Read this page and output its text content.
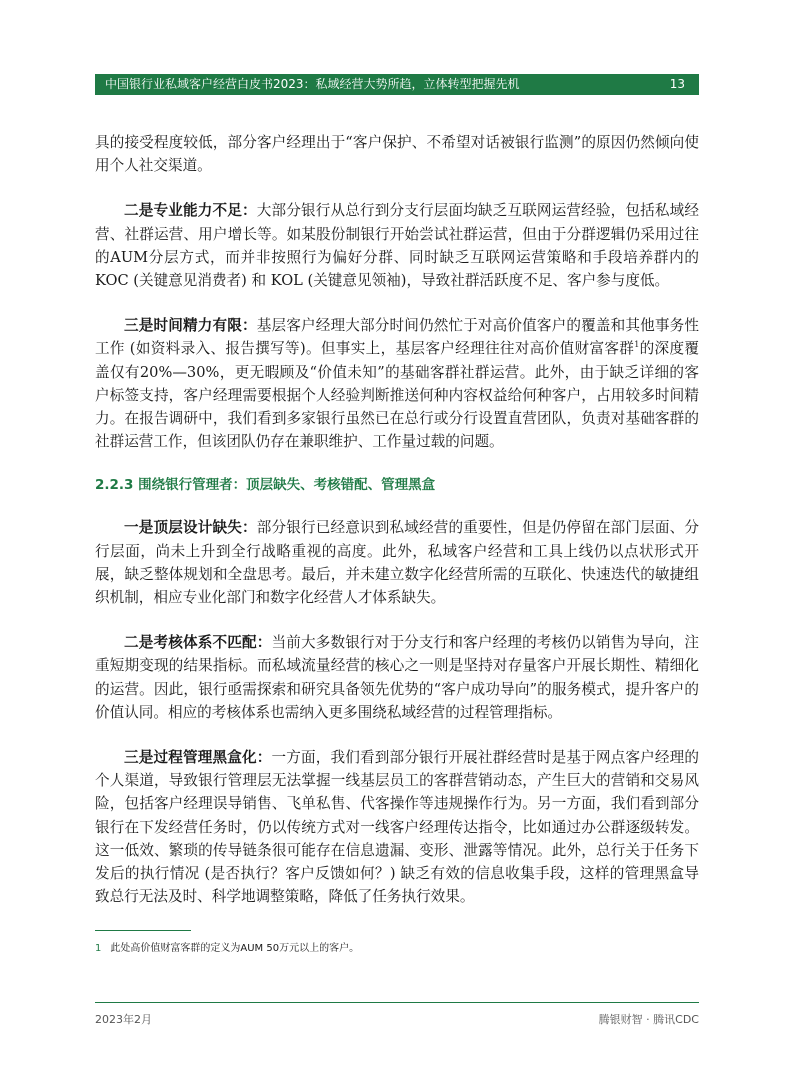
中国银行业私域客户经营白皮书2023：私域经营大势所趋，立体转型把握先机	13

具的接受程度较低，部分客户经理出于“客户保护、不希望对话被银行监测”的原因仍然倾向使用个人社交渠道。

二是专业能力不足：大部分银行从总行到分支行层面均缺乏互联网运营经验，包括私域经营、社群运营、用户增长等。如某股份制银行开始尝试社群运营，但由于分群逻辑仍采用过往的AUM分层方式，而并非按照行为偏好分群、同时缺乏互联网运营策略和手段培养群内的 KOC (关键意见消费者) 和 KOL (关键意见领袖)，导致社群活跃度不足、客户参与度低。

三是时间精力有限：基层客户经理大部分时间仍然忙于对高价值客户的覆盖和其他事务性工作 (如资料录入、报告撰写等)。但事实上，基层客户经理往往对高价值财富客群$^1$的深度覆盖仅有20%—30%，更无暇顾及“价值未知”的基础客群社群运营。此外，由于缺乏详细的客户标签支持，客户经理需要根据个人经验判断推送何种内容权益给何种客户，占用较多时间精力。在报告调研中，我们看到多家银行虽然已在总行或分行设置直营团队，负责对基础客群的社群运营工作，但该团队仍存在兼职维护、工作量过载的问题。

2.2.3 围绕银行管理者：顶层缺失、考核错配、管理黑盒

一是顶层设计缺失：部分银行已经意识到私域经营的重要性，但是仍停留在部门层面、分行层面，尚未上升到全行战略重视的高度。此外，私域客户经营和工具上线仍以点状形式开展，缺乏整体规划和全盘思考。最后，并未建立数字化经营所需的互联化、快速迭代的敏捷组织机制，相应专业化部门和数字化经营人才体系缺失。

二是考核体系不匹配：当前大多数银行对于分支行和客户经理的考核仍以销售为导向，注重短期变现的结果指标。而私域流量经营的核心之一则是坚持对存量客户开展长期性、精细化的运营。因此，银行亟需探索和研究具备领先优势的“客户成功导向”的服务模式，提升客户的价值认同。相应的考核体系也需纳入更多围绕私域经营的过程管理指标。

三是过程管理黑盒化：一方面，我们看到部分银行开展社群经营时是基于网点客户经理的个人渠道，导致银行管理层无法掌握一线基层员工的客群营销动态，产生巨大的营销和交易风险，包括客户经理误导销售、飞单私售、代客操作等违规操作行为。另一方面，我们看到部分银行在下发经营任务时，仍以传统方式对一线客户经理传达指令，比如通过办公群逐级转发。这一低效、繁琐的传导链条很可能存在信息遗漏、变形、泄露等情况。此外，总行关于任务下发后的执行情况 (是否执行？客户反馈如何？) 缺乏有效的信息收集手段，这样的管理黑盒导致总行无法及时、科学地调整策略，降低了任务执行效果。

1 此处高价值财富客群的定义为AUM 50万元以上的客户。
2023年2月	腾银财智 · 腾讯CDC
